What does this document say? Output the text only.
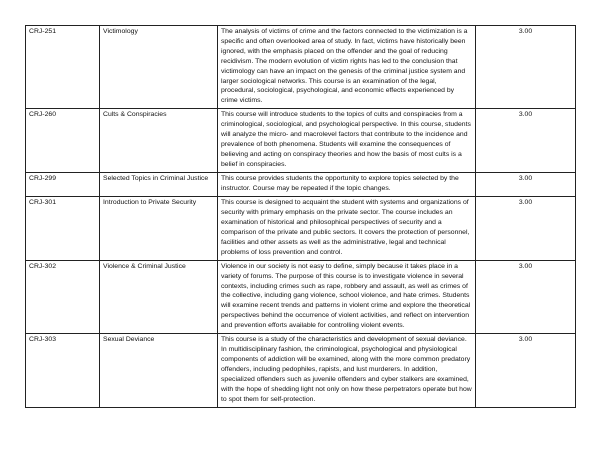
CRJ-251	Victimology	The analysis of victims of crime and the factors connected to the victimization is a specific and often overlooked area of study. In fact, victims have historically been ignored, with the emphasis placed on the offender and the goal of reducing recidivism. The modern evolution of victim rights has led to the conclusion that victimology can have an impact on the genesis of the criminal justice system and larger sociological networks. This course is an examination of the legal, procedural, sociological, psychological, and economic effects experienced by crime victims.	3.00
CRJ-260	Cults & Conspiracies	This course will introduce students to the topics of cults and conspiracies from a criminological, sociological, and psychological perspective. In this course, students will analyze the micro- and macrolevel factors that contribute to the incidence and prevalence of both phenomena. Students will examine the consequences of believing and acting on conspiracy theories and how the basis of most cults is a belief in conspiracies.	3.00
CRJ-299	Selected Topics in Criminal Justice	This course provides students the opportunity to explore topics selected by the instructor. Course may be repeated if the topic changes.	3.00
CRJ-301	Introduction to Private Security	This course is designed to acquaint the student with systems and organizations of security with primary emphasis on the private sector. The course includes an examination of historical and philosophical perspectives of security and a comparison of the private and public sectors. It covers the protection of personnel, facilities and other assets as well as the administrative, legal and technical problems of loss prevention and control.	3.00
CRJ-302	Violence & Criminal Justice	Violence in our society is not easy to define, simply because it takes place in a variety of forums. The purpose of this course is to investigate violence in several contexts, including crimes such as rape, robbery and assault, as well as crimes of the collective, including gang violence, school violence, and hate crimes. Students will examine recent trends and patterns in violent crime and explore the theoretical perspectives behind the occurrence of violent activities, and reflect on intervention and prevention efforts available for controlling violent events.	3.00
CRJ-303	Sexual Deviance	This course is a study of the characteristics and development of sexual deviance. In multidisciplinary fashion, the criminological, psychological and physiological components of addiction will be examined, along with the more common predatory offenders, including pedophiles, rapists, and lust murderers. In addition, specialized offenders such as juvenile offenders and cyber stalkers are examined, with the hope of shedding light not only on how these perpetrators operate but how to spot them for self-protection.	3.00
